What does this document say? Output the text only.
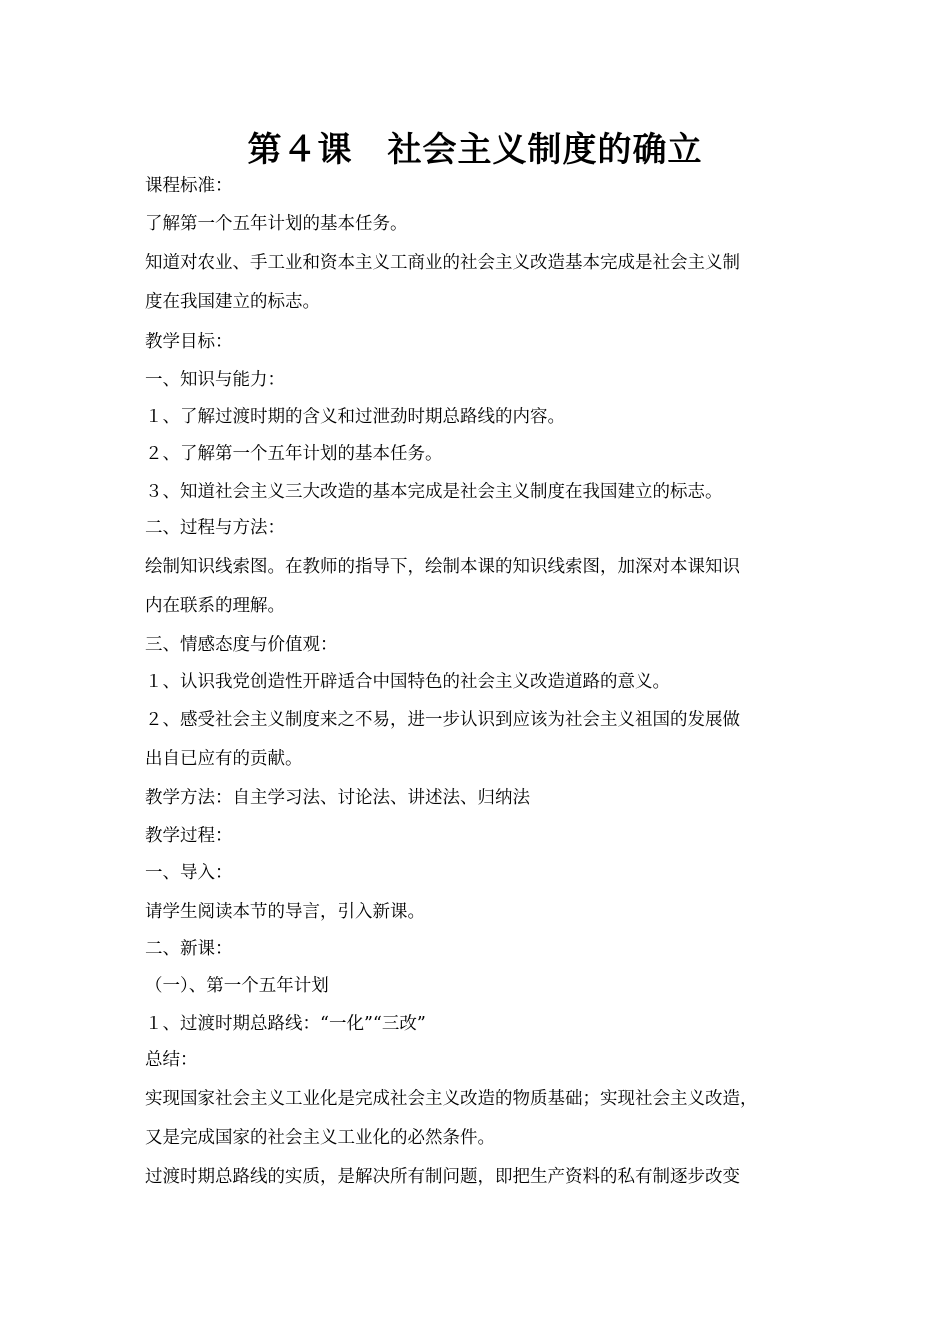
第４课　社会主义制度的确立
课程标准：
了解第一个五年计划的基本任务。
知道对农业、手工业和资本主义工商业的社会主义改造基本完成是社会主义制
度在我国建立的标志。
教学目标：
一、知识与能力：
１、了解过渡时期的含义和过泄劲时期总路线的内容。
２、了解第一个五年计划的基本任务。
３、知道社会主义三大改造的基本完成是社会主义制度在我国建立的标志。
二、过程与方法：
绘制知识线索图。在教师的指导下，绘制本课的知识线索图，加深对本课知识
内在联系的理解。
三、情感态度与价值观：
１、认识我党创造性开辟适合中国特色的社会主义改造道路的意义。
２、感受社会主义制度来之不易，进一步认识到应该为社会主义祖国的发展做
出自已应有的贡献。
教学方法：自主学习法、讨论法、讲述法、归纳法
教学过程：
一、导入：
请学生阅读本节的导言，引入新课。
二、新课：
（一）、第一个五年计划
１、过渡时期总路线：“一化”“三改”
总结：
实现国家社会主义工业化是完成社会主义改造的物质基础；实现社会主义改造，
又是完成国家的社会主义工业化的必然条件。
过渡时期总路线的实质，是解决所有制问题，即把生产资料的私有制逐步改变
